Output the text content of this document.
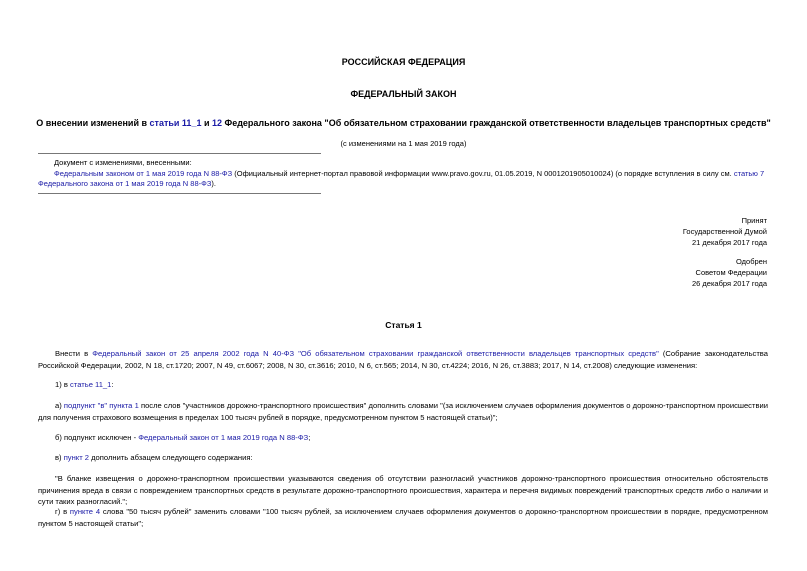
РОССИЙСКАЯ ФЕДЕРАЦИЯ
ФЕДЕРАЛЬНЫЙ ЗАКОН
О внесении изменений в статьи 11_1 и 12 Федерального закона "Об обязательном страховании гражданской ответственности владельцев транспортных средств"
(с изменениями на 1 мая 2019 года)
Документ с изменениями, внесенными:
Федеральным законом от 1 мая 2019 года N 88-ФЗ (Официальный интернет-портал правовой информации www.pravo.gov.ru, 01.05.2019, N 0001201905010024) (о порядке вступления в силу см. статью 7
Федерального закона от 1 мая 2019 года N 88-ФЗ).
Принят
Государственной Думой
21 декабря 2017 года
Одобрен
Советом Федерации
26 декабря 2017 года
Статья 1
Внести в Федеральный закон от 25 апреля 2002 года N 40-ФЗ "Об обязательном страховании гражданской ответственности владельцев транспортных средств" (Собрание законодательства Российской Федерации, 2002, N 18, ст.1720; 2007, N 49, ст.6067; 2008, N 30, ст.3616; 2010, N 6, ст.565; 2014, N 30, ст.4224; 2016, N 26, ст.3883; 2017, N 14, ст.2008) следующие изменения:
1) в статье 11_1:
а) подпункт "в" пункта 1 после слов "участников дорожно-транспортного происшествия" дополнить словами "(за исключением случаев оформления документов о дорожно-транспортном происшествии для получения страхового возмещения в пределах 100 тысяч рублей в порядке, предусмотренном пунктом 5 настоящей статьи)";
б) подпункт исключен - Федеральный закон от 1 мая 2019 года N 88-ФЗ;
в) пункт 2 дополнить абзацем следующего содержания:
"В бланке извещения о дорожно-транспортном происшествии указываются сведения об отсутствии разногласий участников дорожно-транспортного происшествия относительно обстоятельств причинения вреда в связи с повреждением транспортных средств в результате дорожно-транспортного происшествия, характера и перечня видимых повреждений транспортных средств либо о наличии и сути таких разногласий.";
г) в пункте 4 слова "50 тысяч рублей" заменить словами "100 тысяч рублей, за исключением случаев оформления документов о дорожно-транспортном происшествии в порядке, предусмотренном пунктом 5 настоящей статьи";
